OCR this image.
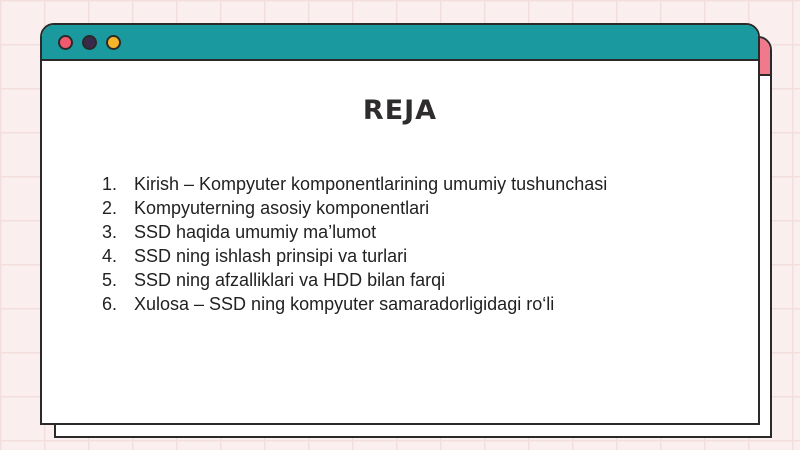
REJA
1. Kirish – Kompyuter komponentlarining umumiy tushunchasi
2. Kompyuterning asosiy komponentlari
3. SSD haqida umumiy ma’lumot
4. SSD ning ishlash prinsipi va turlari
5. SSD ning afzalliklari va HDD bilan farqi
6. Xulosa – SSD ning kompyuter samaradorligidagi ro‘li
